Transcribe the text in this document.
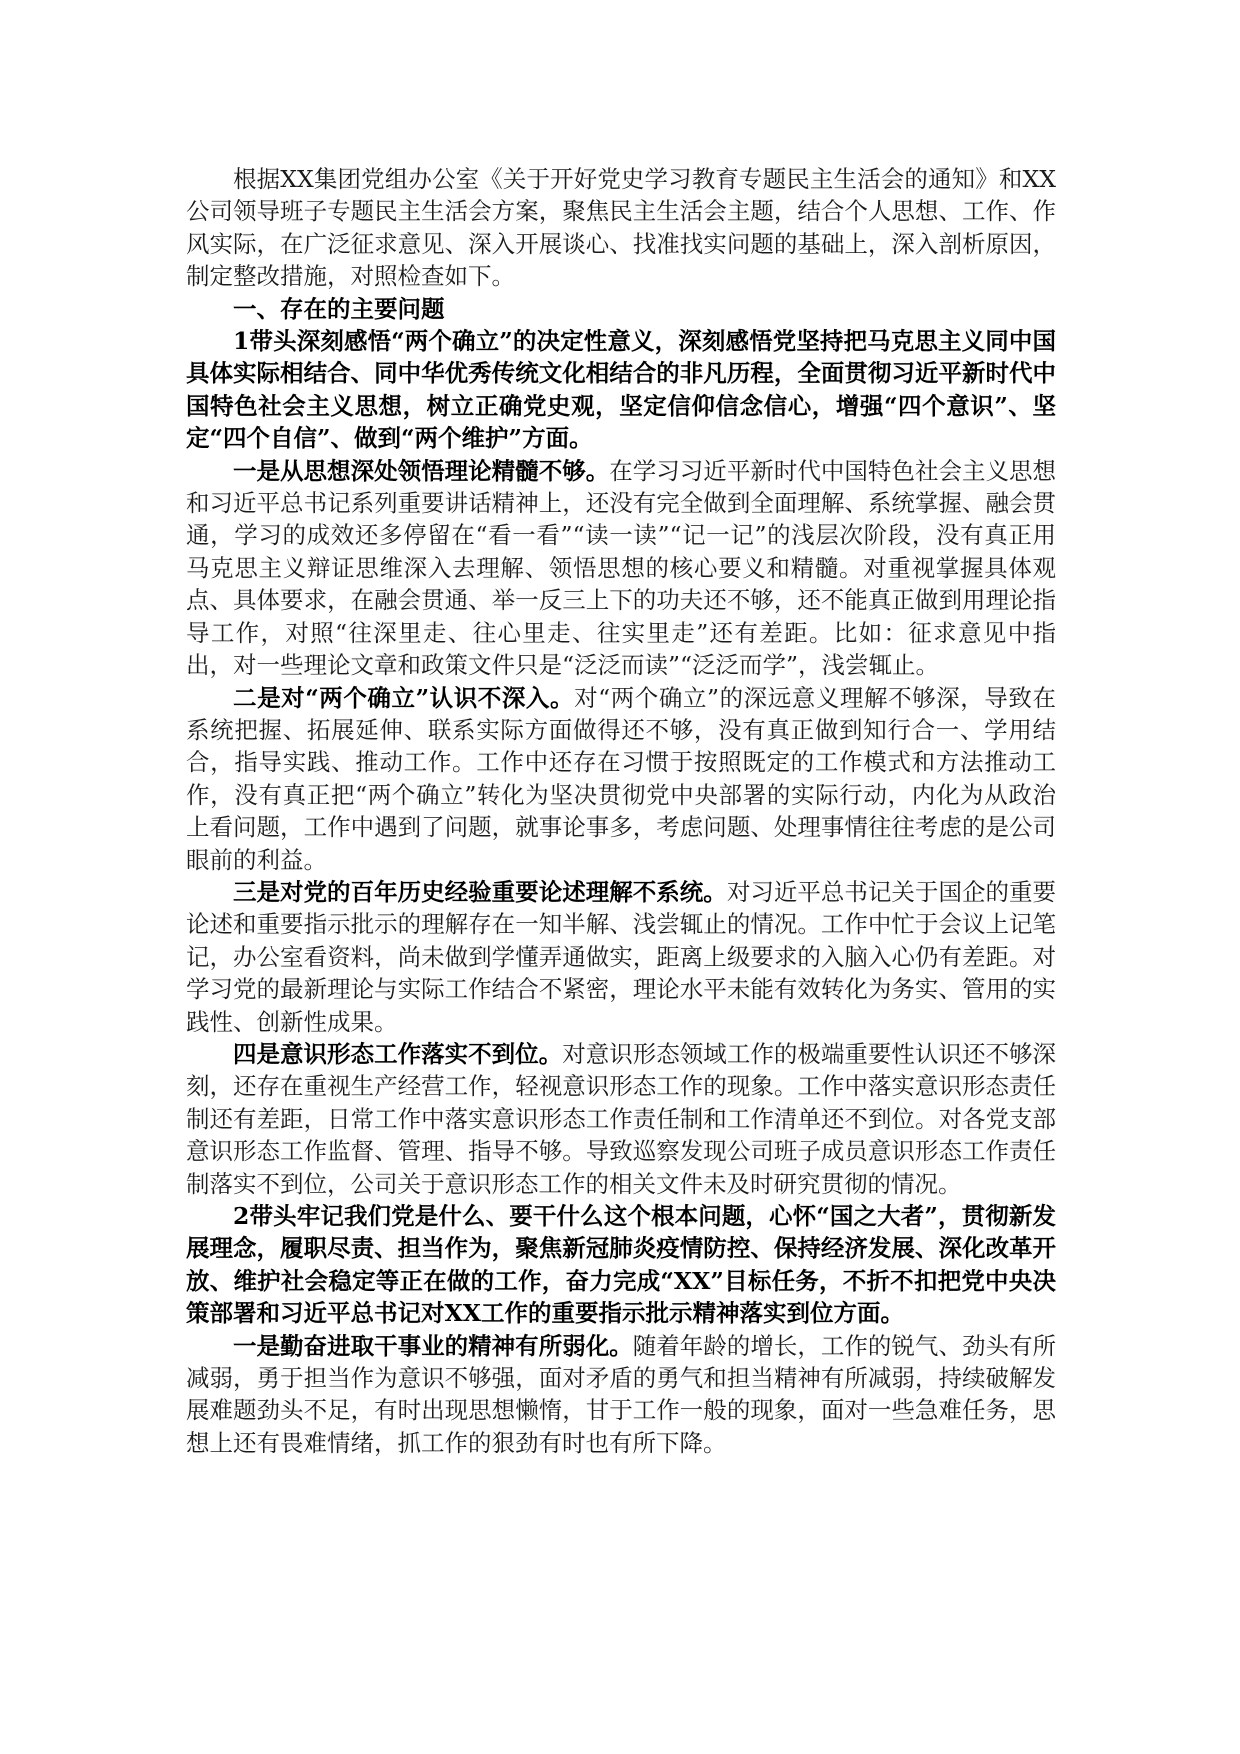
根据XX集团党组办公室《关于开好党史学习教育专题民主生活会的通知》和XX公司领导班子专题民主生活会方案，聚焦民主生活会主题，结合个人思想、工作、作风实际，在广泛征求意见、深入开展谈心、找准找实问题的基础上，深入剖析原因，制定整改措施，对照检查如下。

一、存在的主要问题

1带头深刻感悟“两个确立”的决定性意义，深刻感悟党坚持把马克思主义同中国具体实际相结合、同中华优秀传统文化相结合的非凡历程，全面贯彻习近平新时代中国特色社会主义思想，树立正确党史观，坚定信仰信念信心，增强“四个意识”、坚定“四个自信”、做到“两个维护”方面。

一是从思想深处领悟理论精髓不够。在学习习近平新时代中国特色社会主义思想和习近平总书记系列重要讲话精神上，还没有完全做到全面理解、系统掌握、融会贯通，学习的成效还多停留在“看一看”“读一读”“记一记”的浅层次阶段，没有真正用马克思主义辩证思维深入去理解、领悟思想的核心要义和精髓。对重视掌握具体观点、具体要求，在融会贯通、举一反三上下的功夫还不够，还不能真正做到用理论指导工作，对照“往深里走、往心里走、往实里走”还有差距。比如：征求意见中指出，对一些理论文章和政策文件只是“泛泛而读”“泛泛而学”，浅尝辄止。

二是对“两个确立”认识不深入。对“两个确立”的深远意义理解不够深，导致在系统把握、拓展延伸、联系实际方面做得还不够，没有真正做到知行合一、学用结合，指导实践、推动工作。工作中还存在习惯于按照既定的工作模式和方法推动工作，没有真正把“两个确立”转化为坚决贯彻党中央部署的实际行动，内化为从政治上看问题，工作中遇到了问题，就事论事多，考虑问题、处理事情往往考虑的是公司眼前的利益。

三是对党的百年历史经验重要论述理解不系统。对习近平总书记关于国企的重要论述和重要指示批示的理解存在一知半解、浅尝辄止的情况。工作中忙于会议上记笔记，办公室看资料，尚未做到学懂弄通做实，距离上级要求的入脑入心仍有差距。对学习党的最新理论与实际工作结合不紧密，理论水平未能有效转化为务实、管用的实践性、创新性成果。

四是意识形态工作落实不到位。对意识形态领域工作的极端重要性认识还不够深刻，还存在重视生产经营工作，轻视意识形态工作的现象。工作中落实意识形态责任制还有差距，日常工作中落实意识形态工作责任制和工作清单还不到位。对各党支部意识形态工作监督、管理、指导不够。导致巡察发现公司班子成员意识形态工作责任制落实不到位，公司关于意识形态工作的相关文件未及时研究贯彻的情况。

2带头牢记我们党是什么、要干什么这个根本问题，心怀“国之大者”，贯彻新发展理念，履职尽责、担当作为，聚焦新冠肺炎疫情防控、保持经济发展、深化改革开放、维护社会稳定等正在做的工作，奋力完成“XX”目标任务，不折不扣把党中央决策部署和习近平总书记对XX工作的重要指示批示精神落实到位方面。

一是勤奋进取干事业的精神有所弱化。随着年龄的增长，工作的锐气、劲头有所减弱，勇于担当作为意识不够强，面对矛盾的勇气和担当精神有所减弱，持续破解发展难题劲头不足，有时出现思想懒惰，甘于工作一般的现象，面对一些急难任务，思想上还有畏难情绪，抓工作的狠劲有时也有所下降。
